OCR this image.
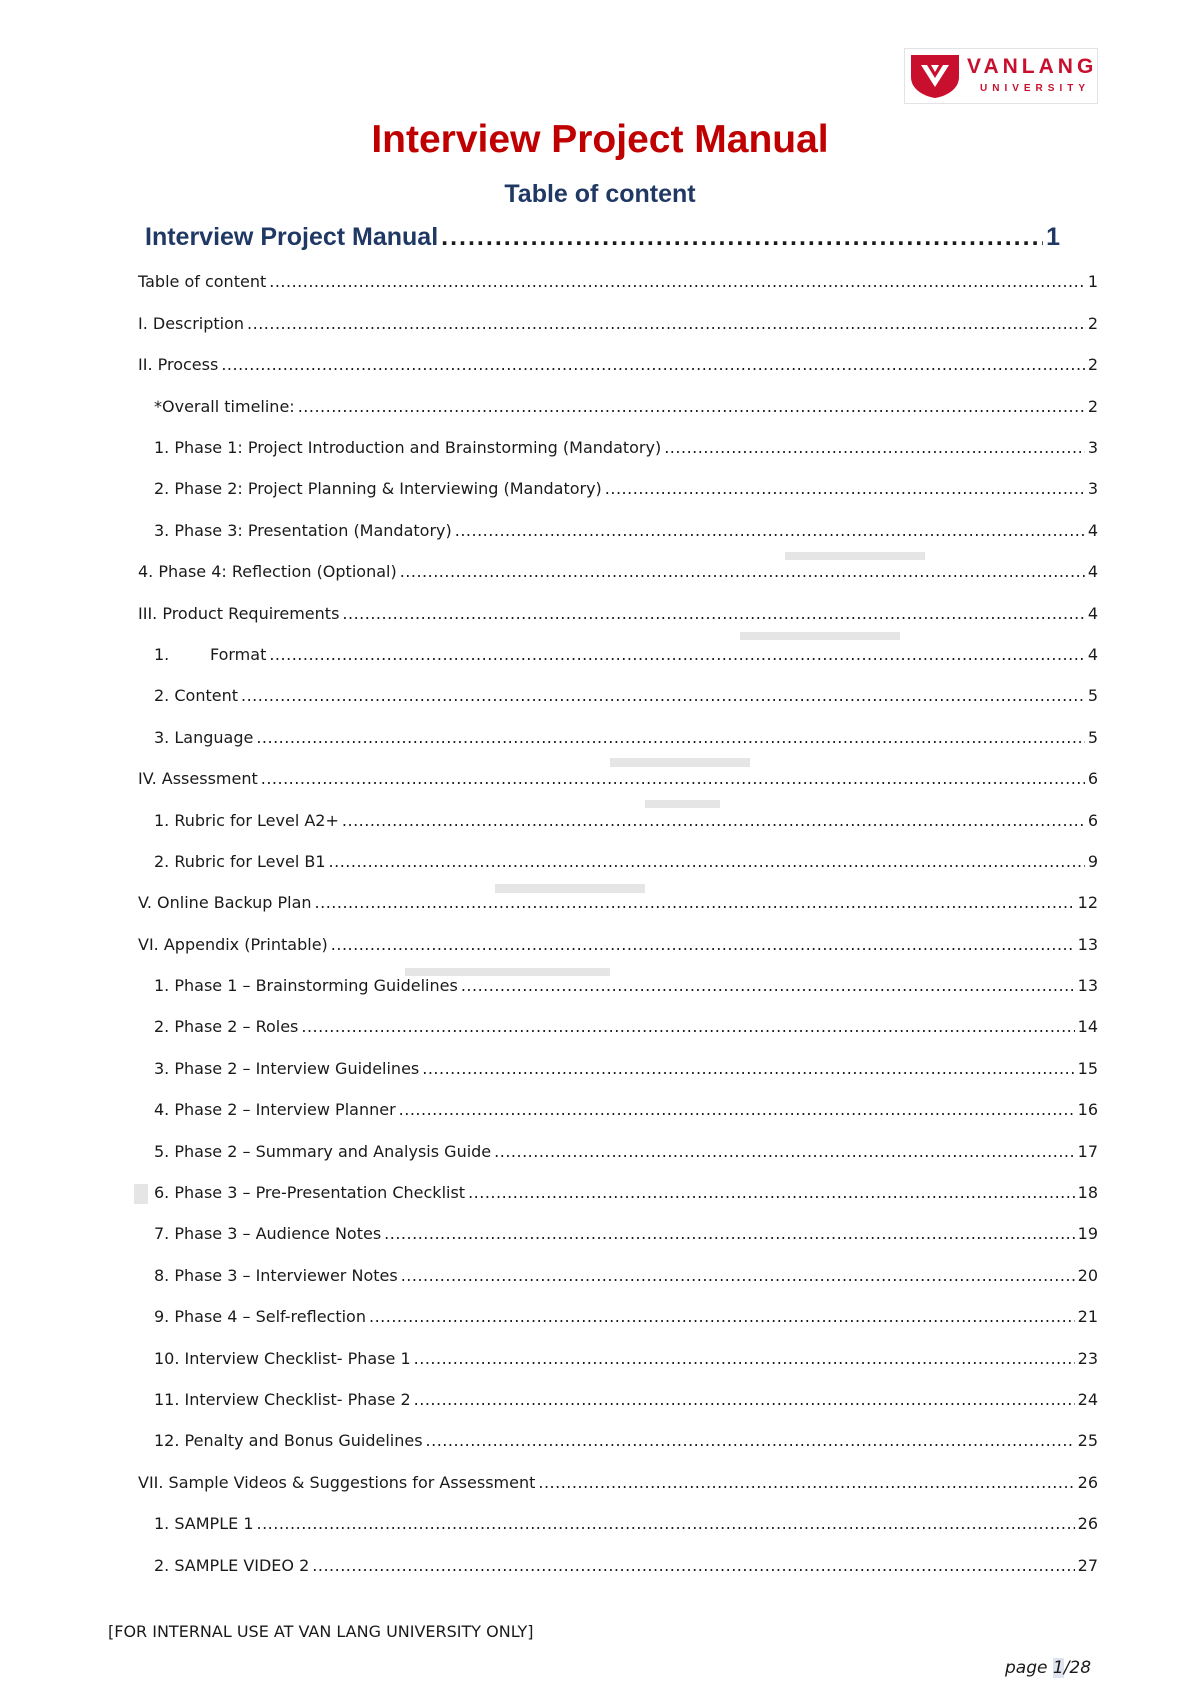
VANLANG
UNIVERSITY
Interview Project Manual
Table of content
Interview Project Manual .....	1
Table of content .....	1
I. Description .....	2
II. Process .....	2
*Overall timeline: .....	2
1. Phase 1: Project Introduction and Brainstorming (Mandatory) .....	3
2. Phase 2: Project Planning & Interviewing (Mandatory) .....	3
3. Phase 3: Presentation (Mandatory) .....	4
4. Phase 4: Reflection (Optional) .....	4
III. Product Requirements .....	4
1.        Format .....	4
2. Content .....	5
3. Language .....	5
IV. Assessment .....	6
1. Rubric for Level A2+ .....	6
2. Rubric for Level B1 .....	9
V. Online Backup Plan .....	12
VI. Appendix (Printable) .....	13
1. Phase 1 – Brainstorming Guidelines .....	13
2. Phase 2 – Roles .....	14
3. Phase 2 – Interview Guidelines .....	15
4. Phase 2 – Interview Planner .....	16
5. Phase 2 – Summary and Analysis Guide .....	17
6. Phase 3 – Pre-Presentation Checklist .....	18
7. Phase 3 – Audience Notes .....	19
8. Phase 3 – Interviewer Notes .....	20
9. Phase 4 – Self-reflection .....	21
10. Interview Checklist- Phase 1 .....	23
11. Interview Checklist- Phase 2 .....	24
12. Penalty and Bonus Guidelines .....	25
VII. Sample Videos & Suggestions for Assessment .....	26
1. SAMPLE 1 .....	26
2. SAMPLE VIDEO 2 .....	27
[FOR INTERNAL USE AT VAN LANG UNIVERSITY ONLY]
page 1/28
